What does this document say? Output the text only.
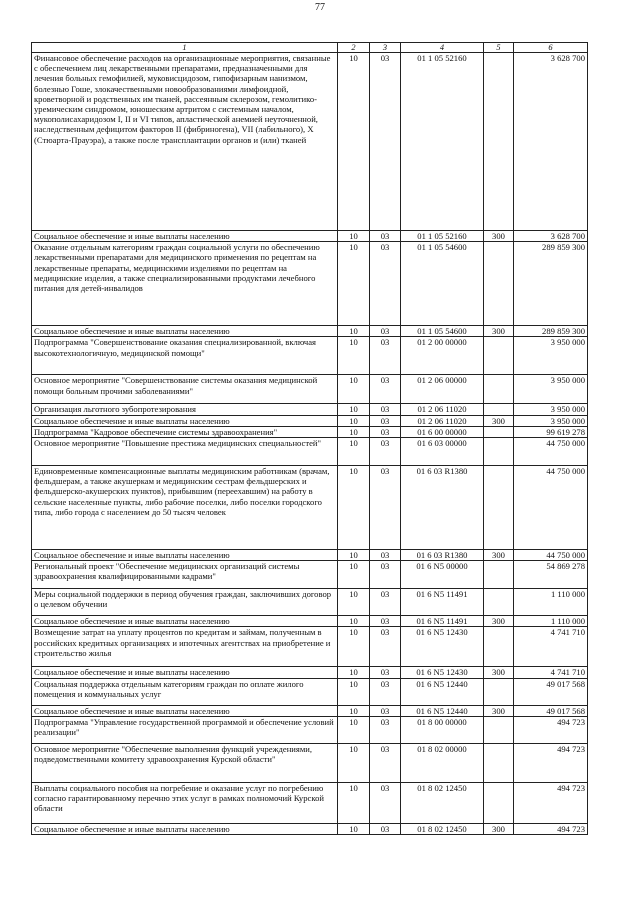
77
1	2	3	4	5	6
Финансовое обеспечение расходов на организационные мероприятия, связанные с обеспечением лиц лекарственными препаратами, предназначенными для лечения больных гемофилией, муковисцидозом, гипофизарным нанизмом, болезнью Гоше, злокачественными новообразованиями лимфоидной, кроветворной и родственных им тканей, рассеянным склерозом, гемолитико-уремическим синдромом, юношеским артритом с системным началом, мукополисахаридозом I, II и VI типов, апластической анемией неуточненной, наследственным дефицитом факторов II (фибриногена), VII (лабильного), X (Стюарта-Прауэра), а также после трансплантации органов и (или) тканей	10	03	01 1 05 52160		3 628 700
Социальное обеспечение и иные выплаты населению	10	03	01 1 05 52160	300	3 628 700
Оказание отдельным категориям граждан социальной услуги по обеспечению лекарственными препаратами для медицинского применения по рецептам на лекарственные препараты, медицинскими изделиями по рецептам на медицинские изделия, а также специализированными продуктами лечебного питания для детей-инвалидов	10	03	01 1 05 54600		289 859 300
Социальное обеспечение и иные выплаты населению	10	03	01 1 05 54600	300	289 859 300
Подпрограмма "Совершенствование оказания специализированной, включая высокотехнологичную, медицинской помощи"	10	03	01 2 00 00000		3 950 000
Основное мероприятие "Совершенствование системы оказания медицинской помощи больным прочими заболеваниями"	10	03	01 2 06 00000		3 950 000
Организация льготного зубопротезирования	10	03	01 2 06 11020		3 950 000
Социальное обеспечение и иные выплаты населению	10	03	01 2 06 11020	300	3 950 000
Подпрограмма "Кадровое обеспечение системы здравоохранения"	10	03	01 6 00 00000		99 619 278
Основное мероприятие "Повышение престижа медицинских специальностей"	10	03	01 6 03 00000		44 750 000
Единовременные компенсационные выплаты медицинским работникам (врачам, фельдшерам, а также акушеркам и медицинским сестрам фельдшерских и фельдшерско-акушерских пунктов), прибывшим (переехавшим) на работу в сельские населенные пункты, либо рабочие поселки, либо поселки городского типа, либо города с населением до 50 тысяч человек	10	03	01 6 03 R1380		44 750 000
Социальное обеспечение и иные выплаты населению	10	03	01 6 03 R1380	300	44 750 000
Региональный проект "Обеспечение медицинских организаций системы здравоохранения квалифицированными кадрами"	10	03	01 6 N5 00000		54 869 278
Меры социальной поддержки в период обучения граждан, заключивших договор о целевом обучении	10	03	01 6 N5 11491		1 110 000
Социальное обеспечение и иные выплаты населению	10	03	01 6 N5 11491	300	1 110 000
Возмещение затрат на уплату процентов по кредитам и займам, полученным в российских кредитных организациях и ипотечных агентствах на приобретение и строительство жилья	10	03	01 6 N5 12430		4 741 710
Социальное обеспечение и иные выплаты населению	10	03	01 6 N5 12430	300	4 741 710
Социальная поддержка отдельным категориям граждан по оплате жилого помещения и коммунальных услуг	10	03	01 6 N5 12440		49 017 568
Социальное обеспечение и иные выплаты населению	10	03	01 6 N5 12440	300	49 017 568
Подпрограмма "Управление государственной программой и обеспечение условий реализации"	10	03	01 8 00 00000		494 723
Основное мероприятие "Обеспечение выполнения функций учреждениями, подведомственными комитету здравоохранения Курской области"	10	03	01 8 02 00000		494 723
Выплаты социального пособия на погребение и оказание услуг по погребению согласно гарантированному перечню этих услуг в рамках полномочий Курской области	10	03	01 8 02 12450		494 723
Социальное обеспечение и иные выплаты населению	10	03	01 8 02 12450	300	494 723
